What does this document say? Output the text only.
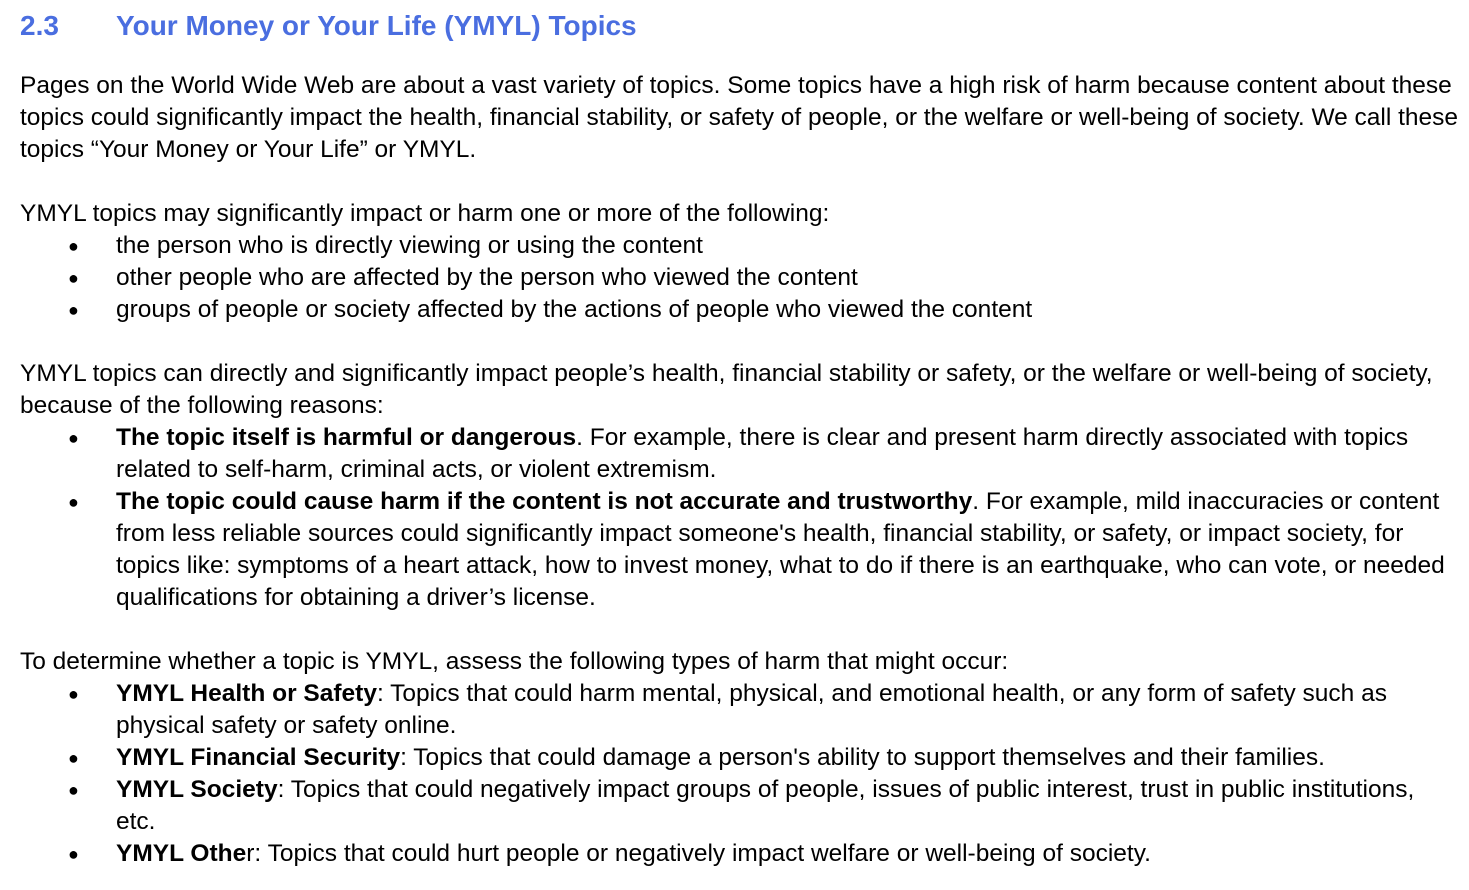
2.3 Your Money or Your Life (YMYL) Topics

Pages on the World Wide Web are about a vast variety of topics. Some topics have a high risk of harm because content about these topics could significantly impact the health, financial stability, or safety of people, or the welfare or well-being of society. We call these topics “Your Money or Your Life” or YMYL.

YMYL topics may significantly impact or harm one or more of the following:

●	the person who is directly viewing or using the content
●	other people who are affected by the person who viewed the content
●	groups of people or society affected by the actions of people who viewed the content

YMYL topics can directly and significantly impact people’s health, financial stability or safety, or the welfare or well-being of society, because of the following reasons:

●	The topic itself is harmful or dangerous. For example, there is clear and present harm directly associated with topics related to self-harm, criminal acts, or violent extremism.
●	The topic could cause harm if the content is not accurate and trustworthy. For example, mild inaccuracies or content from less reliable sources could significantly impact someone's health, financial stability, or safety, or impact society, for topics like: symptoms of a heart attack, how to invest money, what to do if there is an earthquake, who can vote, or needed qualifications for obtaining a driver’s license.

To determine whether a topic is YMYL, assess the following types of harm that might occur:

●	YMYL Health or Safety: Topics that could harm mental, physical, and emotional health, or any form of safety such as physical safety or safety online.
●	YMYL Financial Security: Topics that could damage a person's ability to support themselves and their families.
●	YMYL Society: Topics that could negatively impact groups of people, issues of public interest, trust in public institutions, etc.
●	YMYL Other: Topics that could hurt people or negatively impact welfare or well-being of society.
